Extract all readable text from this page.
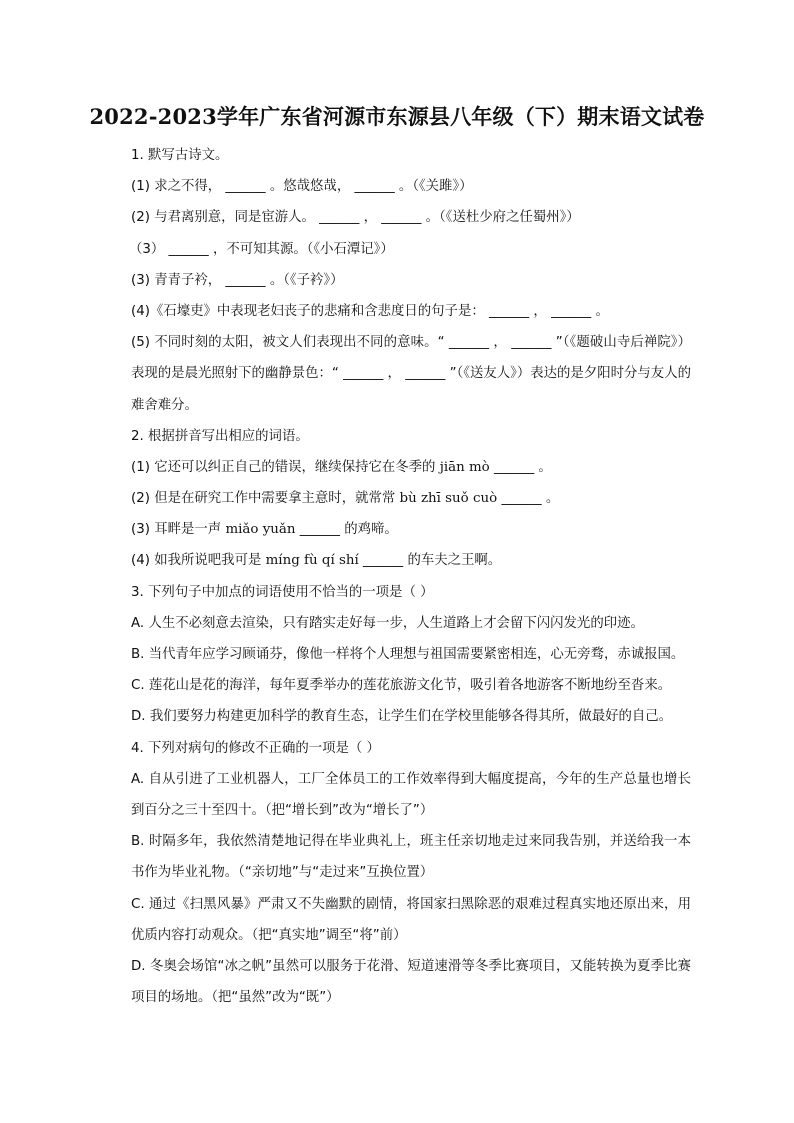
2022-2023学年广东省河源市东源县八年级（下）期末语文试卷
1. 默写古诗文。
(1) 求之不得， ______ 。悠哉悠哉， ______ 。（《关雎》）
(2) 与君离别意，同是宦游人。 ______ ， ______ 。（《送杜少府之任蜀州》）
（3） ______ ，不可知其源。（《小石潭记》）
(3) 青青子衿， ______ 。（《子衿》）
(4)《石壕吏》中表现老妇丧子的悲痛和含悲度日的句子是： ______ ， ______ 。
(5) 不同时刻的太阳，被文人们表现出不同的意味。“ ______ ， ______ ”（《题破山寺后禅院》）表现的是晨光照射下的幽静景色：“ ______ ， ______ ”（《送友人》）表达的是夕阳时分与友人的难舍难分。
2. 根据拼音写出相应的词语。
(1) 它还可以纠正自己的错误，继续保持它在冬季的 jiān mò ______ 。
(2) 但是在研究工作中需要拿主意时，就常常 bù zhī suǒ cuò ______ 。
(3) 耳畔是一声 miǎo yuǎn ______ 的鸡啼。
(4) 如我所说吧我可是 míng fù qí shí ______ 的车夫之王啊。
3. 下列句子中加点的词语使用不恰当的一项是（ ）
A. 人生不必刻意去渲染，只有踏实走好每一步，人生道路上才会留下闪闪发光的印迹。
B. 当代青年应学习顾诵芬，像他一样将个人理想与祖国需要紧密相连，心无旁骛，赤诚报国。
C. 莲花山是花的海洋，每年夏季举办的莲花旅游文化节，吸引着各地游客不断地纷至沓来。
D. 我们要努力构建更加科学的教育生态，让学生们在学校里能够各得其所，做最好的自己。
4. 下列对病句的修改不正确的一项是（ ）
A. 自从引进了工业机器人，工厂全体员工的工作效率得到大幅度提高，今年的生产总量也增长到百分之三十至四十。（把“增长到”改为“增长了”）
B. 时隔多年，我依然清楚地记得在毕业典礼上，班主任亲切地走过来同我告别，并送给我一本书作为毕业礼物。（“亲切地”与“走过来”互换位置）
C. 通过《扫黑风暴》严肃又不失幽默的剧情，将国家扫黑除恶的艰难过程真实地还原出来，用优质内容打动观众。（把“真实地”调至“将”前）
D. 冬奥会场馆“冰之帆”虽然可以服务于花滑、短道速滑等冬季比赛项目，又能转换为夏季比赛项目的场地。（把“虽然”改为“既”）
